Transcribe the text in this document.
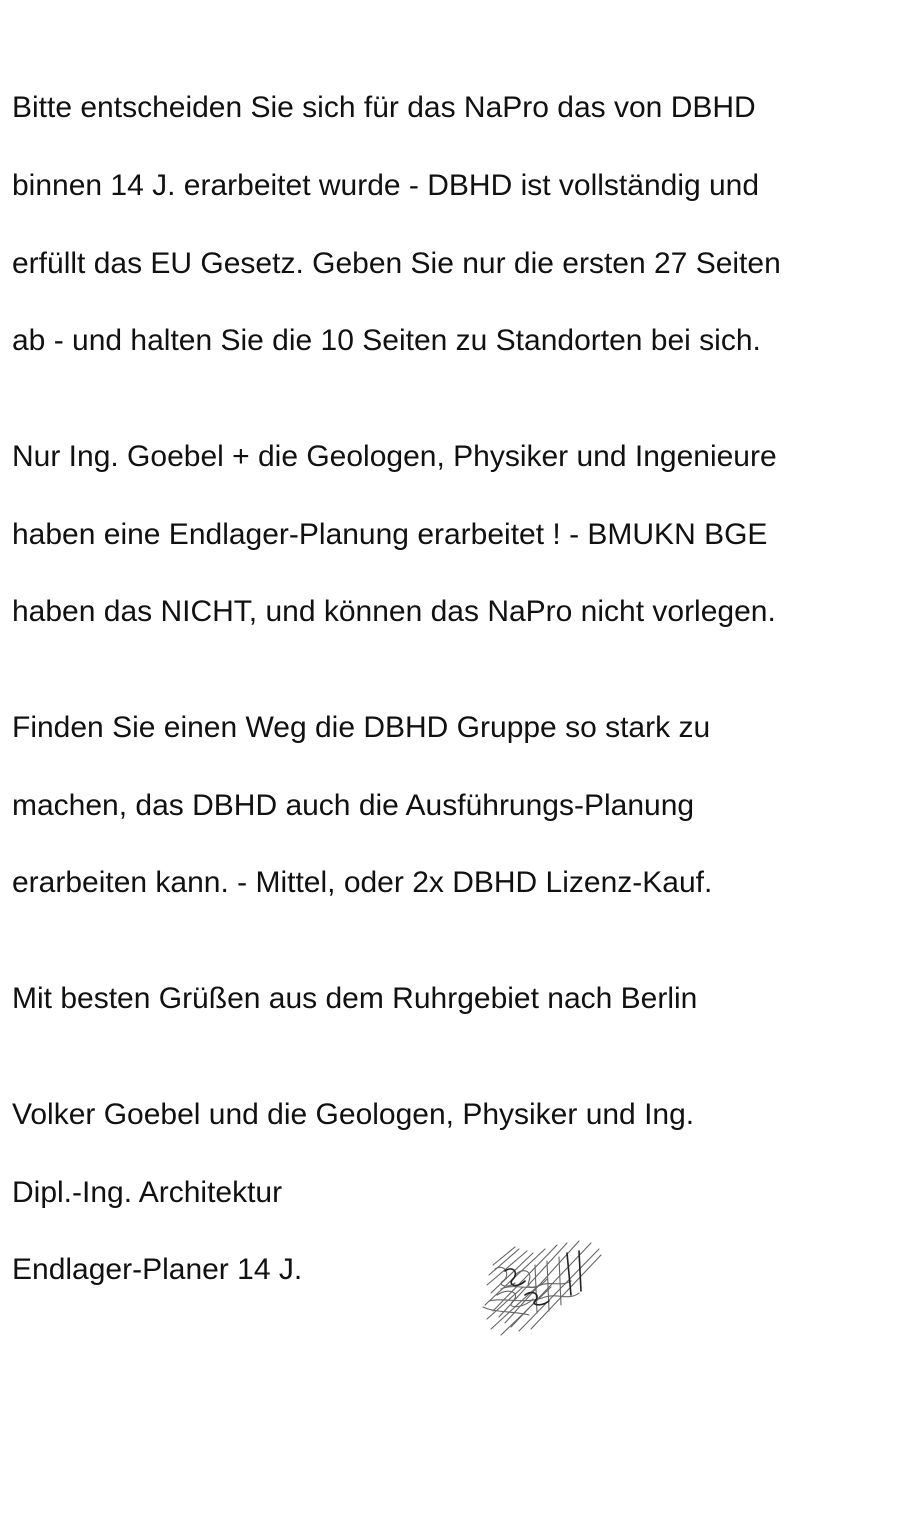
Bitte entscheiden Sie sich für das NaPro das von DBHD
binnen 14 J. erarbeitet wurde - DBHD ist vollständig und
erfüllt das EU Gesetz. Geben Sie nur die ersten 27 Seiten
ab - und halten Sie die 10 Seiten zu Standorten bei sich.
Nur Ing. Goebel + die Geologen, Physiker und Ingenieure
haben eine Endlager-Planung erarbeitet ! - BMUKN BGE
haben das NICHT, und können das NaPro nicht vorlegen.
Finden Sie einen Weg die DBHD Gruppe so stark zu
machen, das DBHD auch die Ausführungs-Planung
erarbeiten kann. - Mittel, oder 2x DBHD Lizenz-Kauf.
Mit besten Grüßen aus dem Ruhrgebiet nach Berlin
Volker Goebel und die Geologen, Physiker und Ing.
Dipl.-Ing. Architektur
Endlager-Planer 14 J.
